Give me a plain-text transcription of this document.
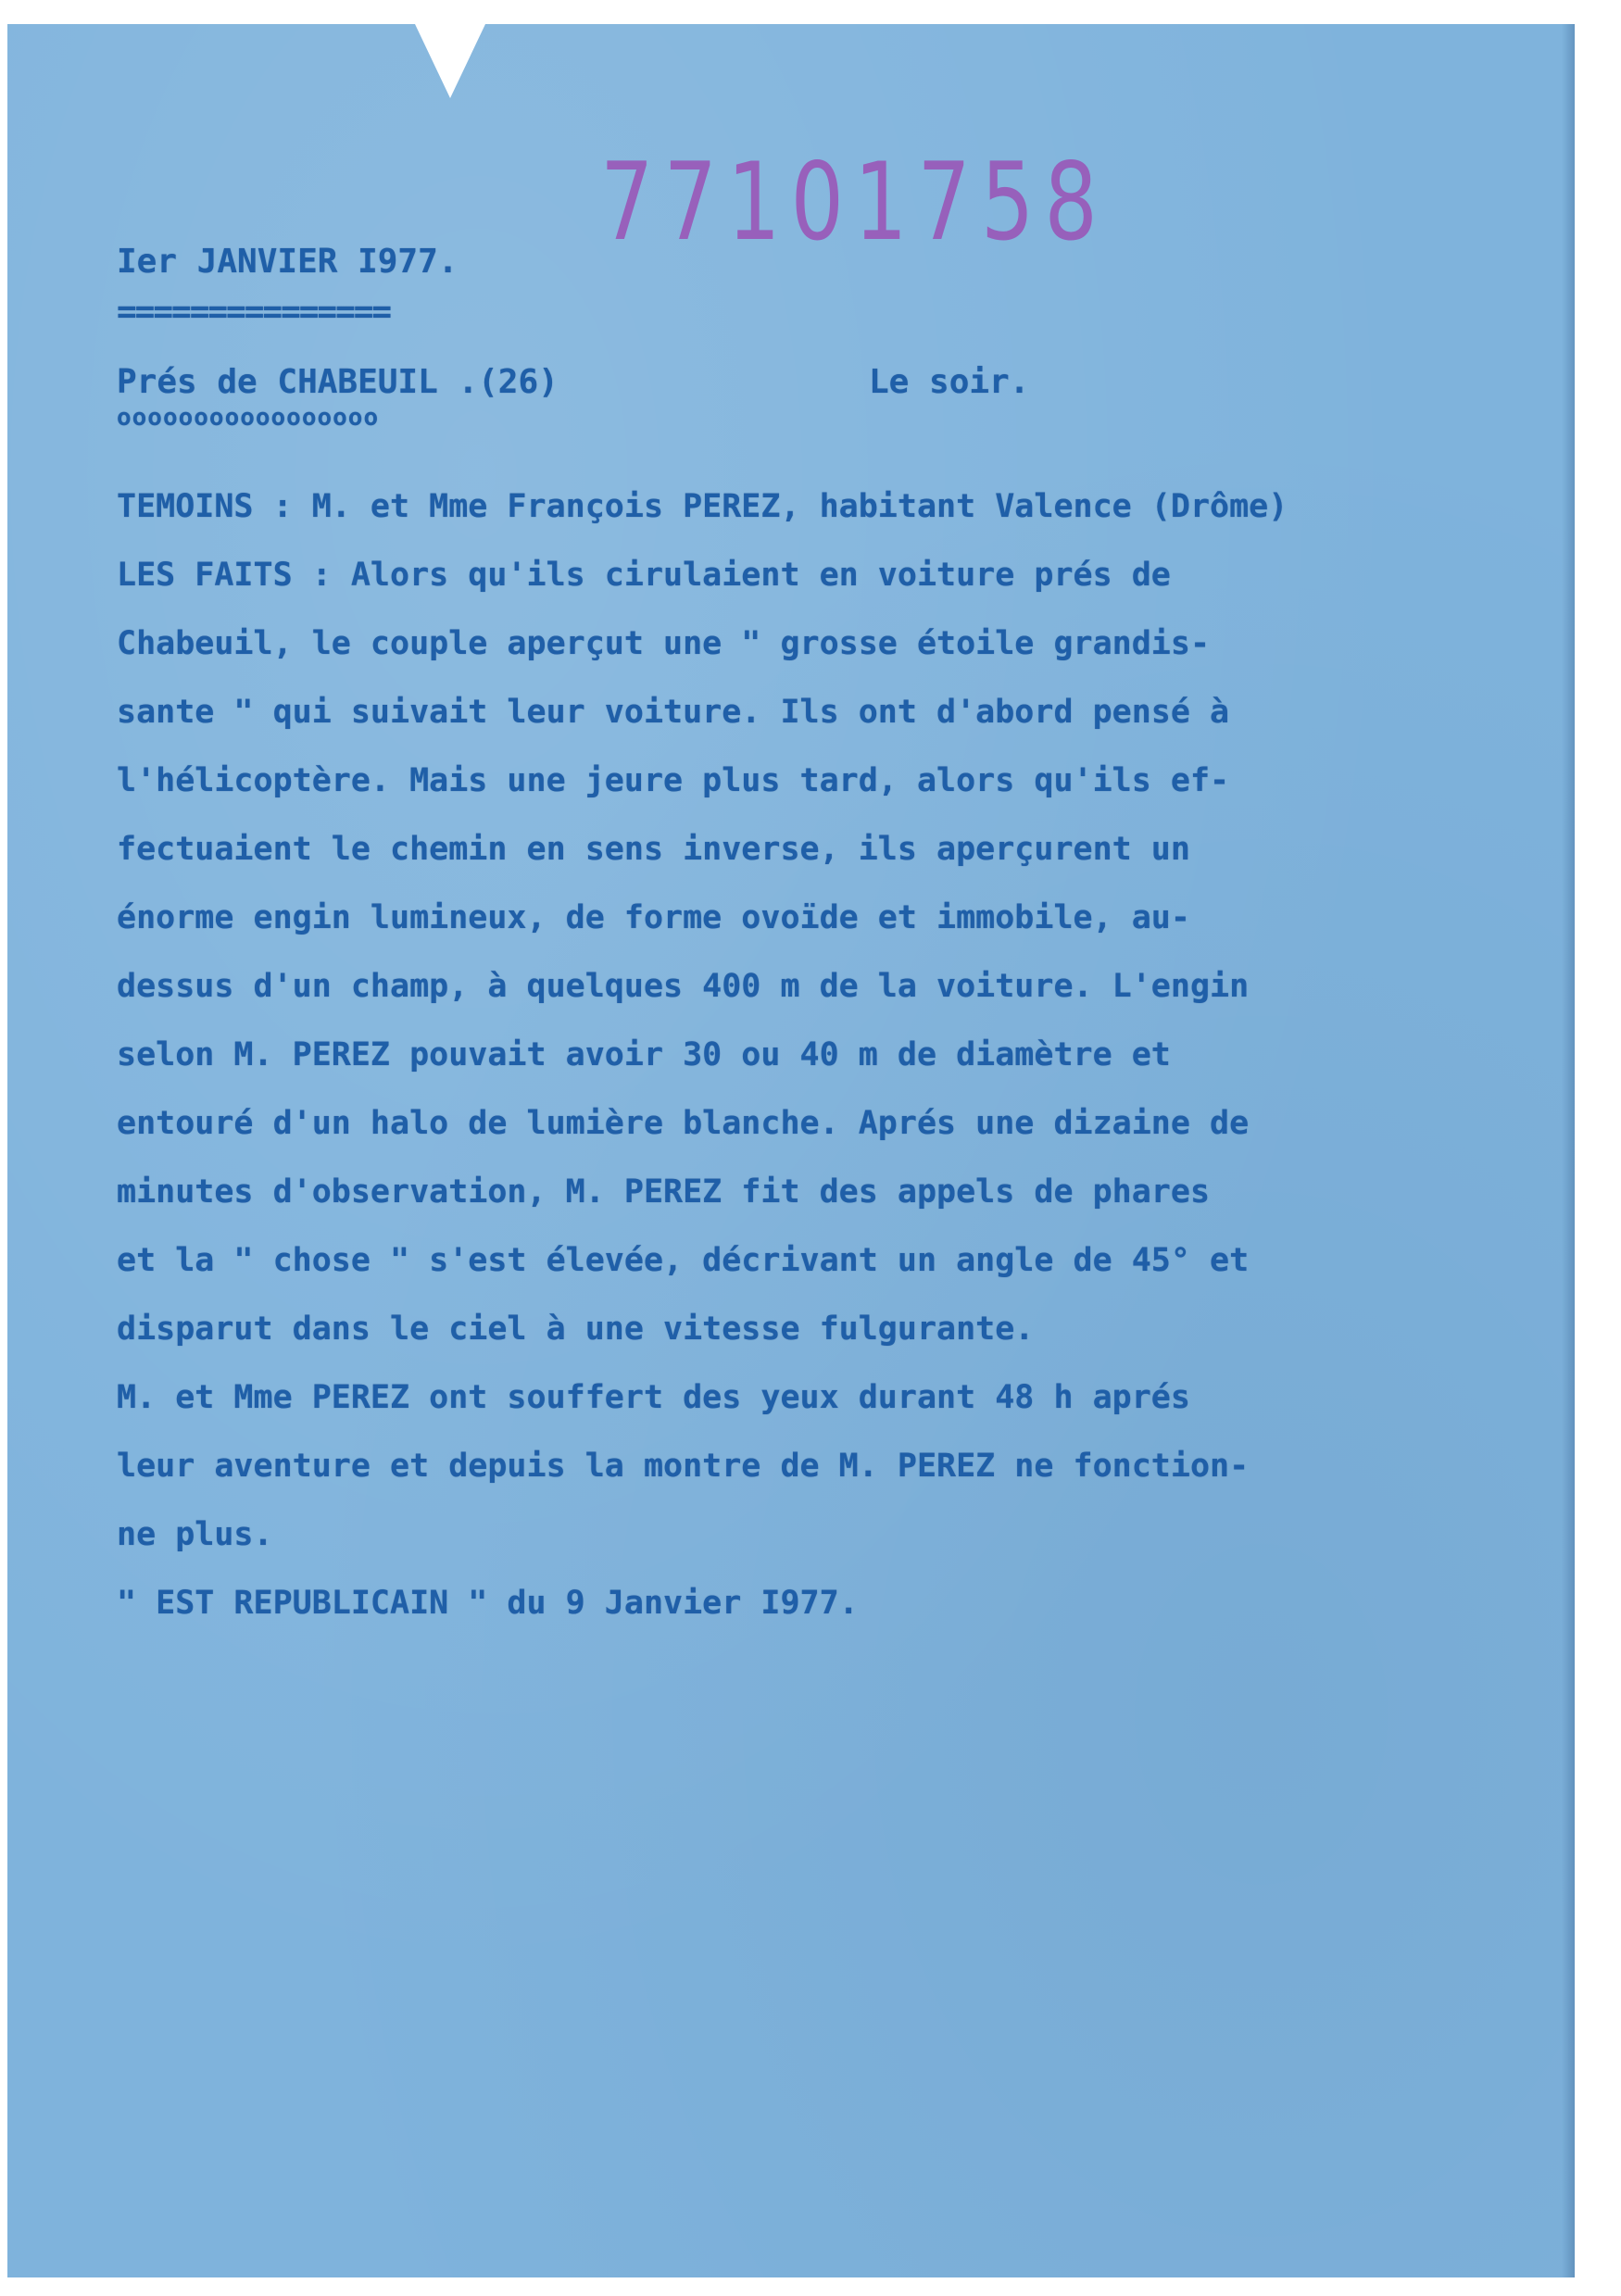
77101758
Ier JANVIER I977.
===============
Prés de CHABEUIL .(26)	Le soir.
ooooooooooooooooo
TEMOINS : M. et Mme François PEREZ, habitant Valence (Drôme)
LES FAITS : Alors qu'ils cirulaient en voiture prés de
Chabeuil, le couple aperçut une " grosse étoile grandis-
sante " qui suivait leur voiture. Ils ont d'abord pensé à
l'hélicoptère. Mais une jeure plus tard, alors qu'ils ef-
fectuaient le chemin en sens inverse, ils aperçurent un
énorme engin lumineux, de forme ovoïde et immobile, au-
dessus d'un champ, à quelques 400 m de la voiture. L'engin
selon M. PEREZ pouvait avoir 30 ou 40 m de diamètre et
entouré d'un halo de lumière blanche. Aprés une dizaine de
minutes d'observation, M. PEREZ fit des appels de phares
et la " chose " s'est élevée, décrivant un angle de 45° et
disparut dans le ciel à une vitesse fulgurante.
M. et Mme PEREZ ont souffert des yeux durant 48 h aprés
leur aventure et depuis la montre de M. PEREZ ne fonction-
ne plus.
" EST REPUBLICAIN " du 9 Janvier I977.
